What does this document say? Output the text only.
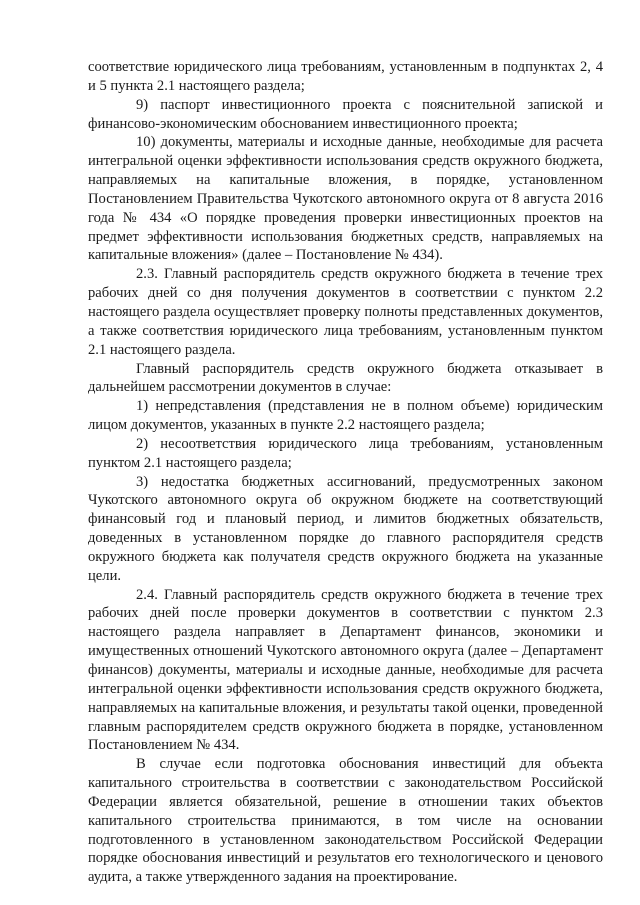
соответствие юридического лица требованиям, установленным в подпунктах 2, 4 и 5 пункта 2.1 настоящего раздела;

9) паспорт инвестиционного проекта с пояснительной запиской и финансово-экономическим обоснованием инвестиционного проекта;

10) документы, материалы и исходные данные, необходимые для расчета интегральной оценки эффективности использования средств окружного бюджета, направляемых на капитальные вложения, в порядке, установленном Постановлением Правительства Чукотского автономного округа от 8 августа 2016 года № 434 «О порядке проведения проверки инвестиционных проектов на предмет эффективности использования бюджетных средств, направляемых на капитальные вложения» (далее – Постановление № 434).

2.3. Главный распорядитель средств окружного бюджета в течение трех рабочих дней со дня получения документов в соответствии с пунктом 2.2 настоящего раздела осуществляет проверку полноты представленных документов, а также соответствия юридического лица требованиям, установленным пунктом 2.1 настоящего раздела.

Главный распорядитель средств окружного бюджета отказывает в дальнейшем рассмотрении документов в случае:

1) непредставления (представления не в полном объеме) юридическим лицом документов, указанных в пункте 2.2 настоящего раздела;

2) несоответствия юридического лица требованиям, установленным пунктом 2.1 настоящего раздела;

3) недостатка бюджетных ассигнований, предусмотренных законом Чукотского автономного округа об окружном бюджете на соответствующий финансовый год и плановый период, и лимитов бюджетных обязательств, доведенных в установленном порядке до главного распорядителя средств окружного бюджета как получателя средств окружного бюджета на указанные цели.

2.4. Главный распорядитель средств окружного бюджета в течение трех рабочих дней после проверки документов в соответствии с пунктом 2.3 настоящего раздела направляет в Департамент финансов, экономики и имущественных отношений Чукотского автономного округа (далее – Департамент финансов) документы, материалы и исходные данные, необходимые для расчета интегральной оценки эффективности использования средств окружного бюджета, направляемых на капитальные вложения, и результаты такой оценки, проведенной главным распорядителем средств окружного бюджета в порядке, установленном Постановлением № 434.

В случае если подготовка обоснования инвестиций для объекта капитального строительства в соответствии с законодательством Российской Федерации является обязательной, решение в отношении таких объектов капитального строительства принимаются, в том числе на основании подготовленного в установленном законодательством Российской Федерации порядке обоснования инвестиций и результатов его технологического и ценового аудита, а также утвержденного задания на проектирование.
